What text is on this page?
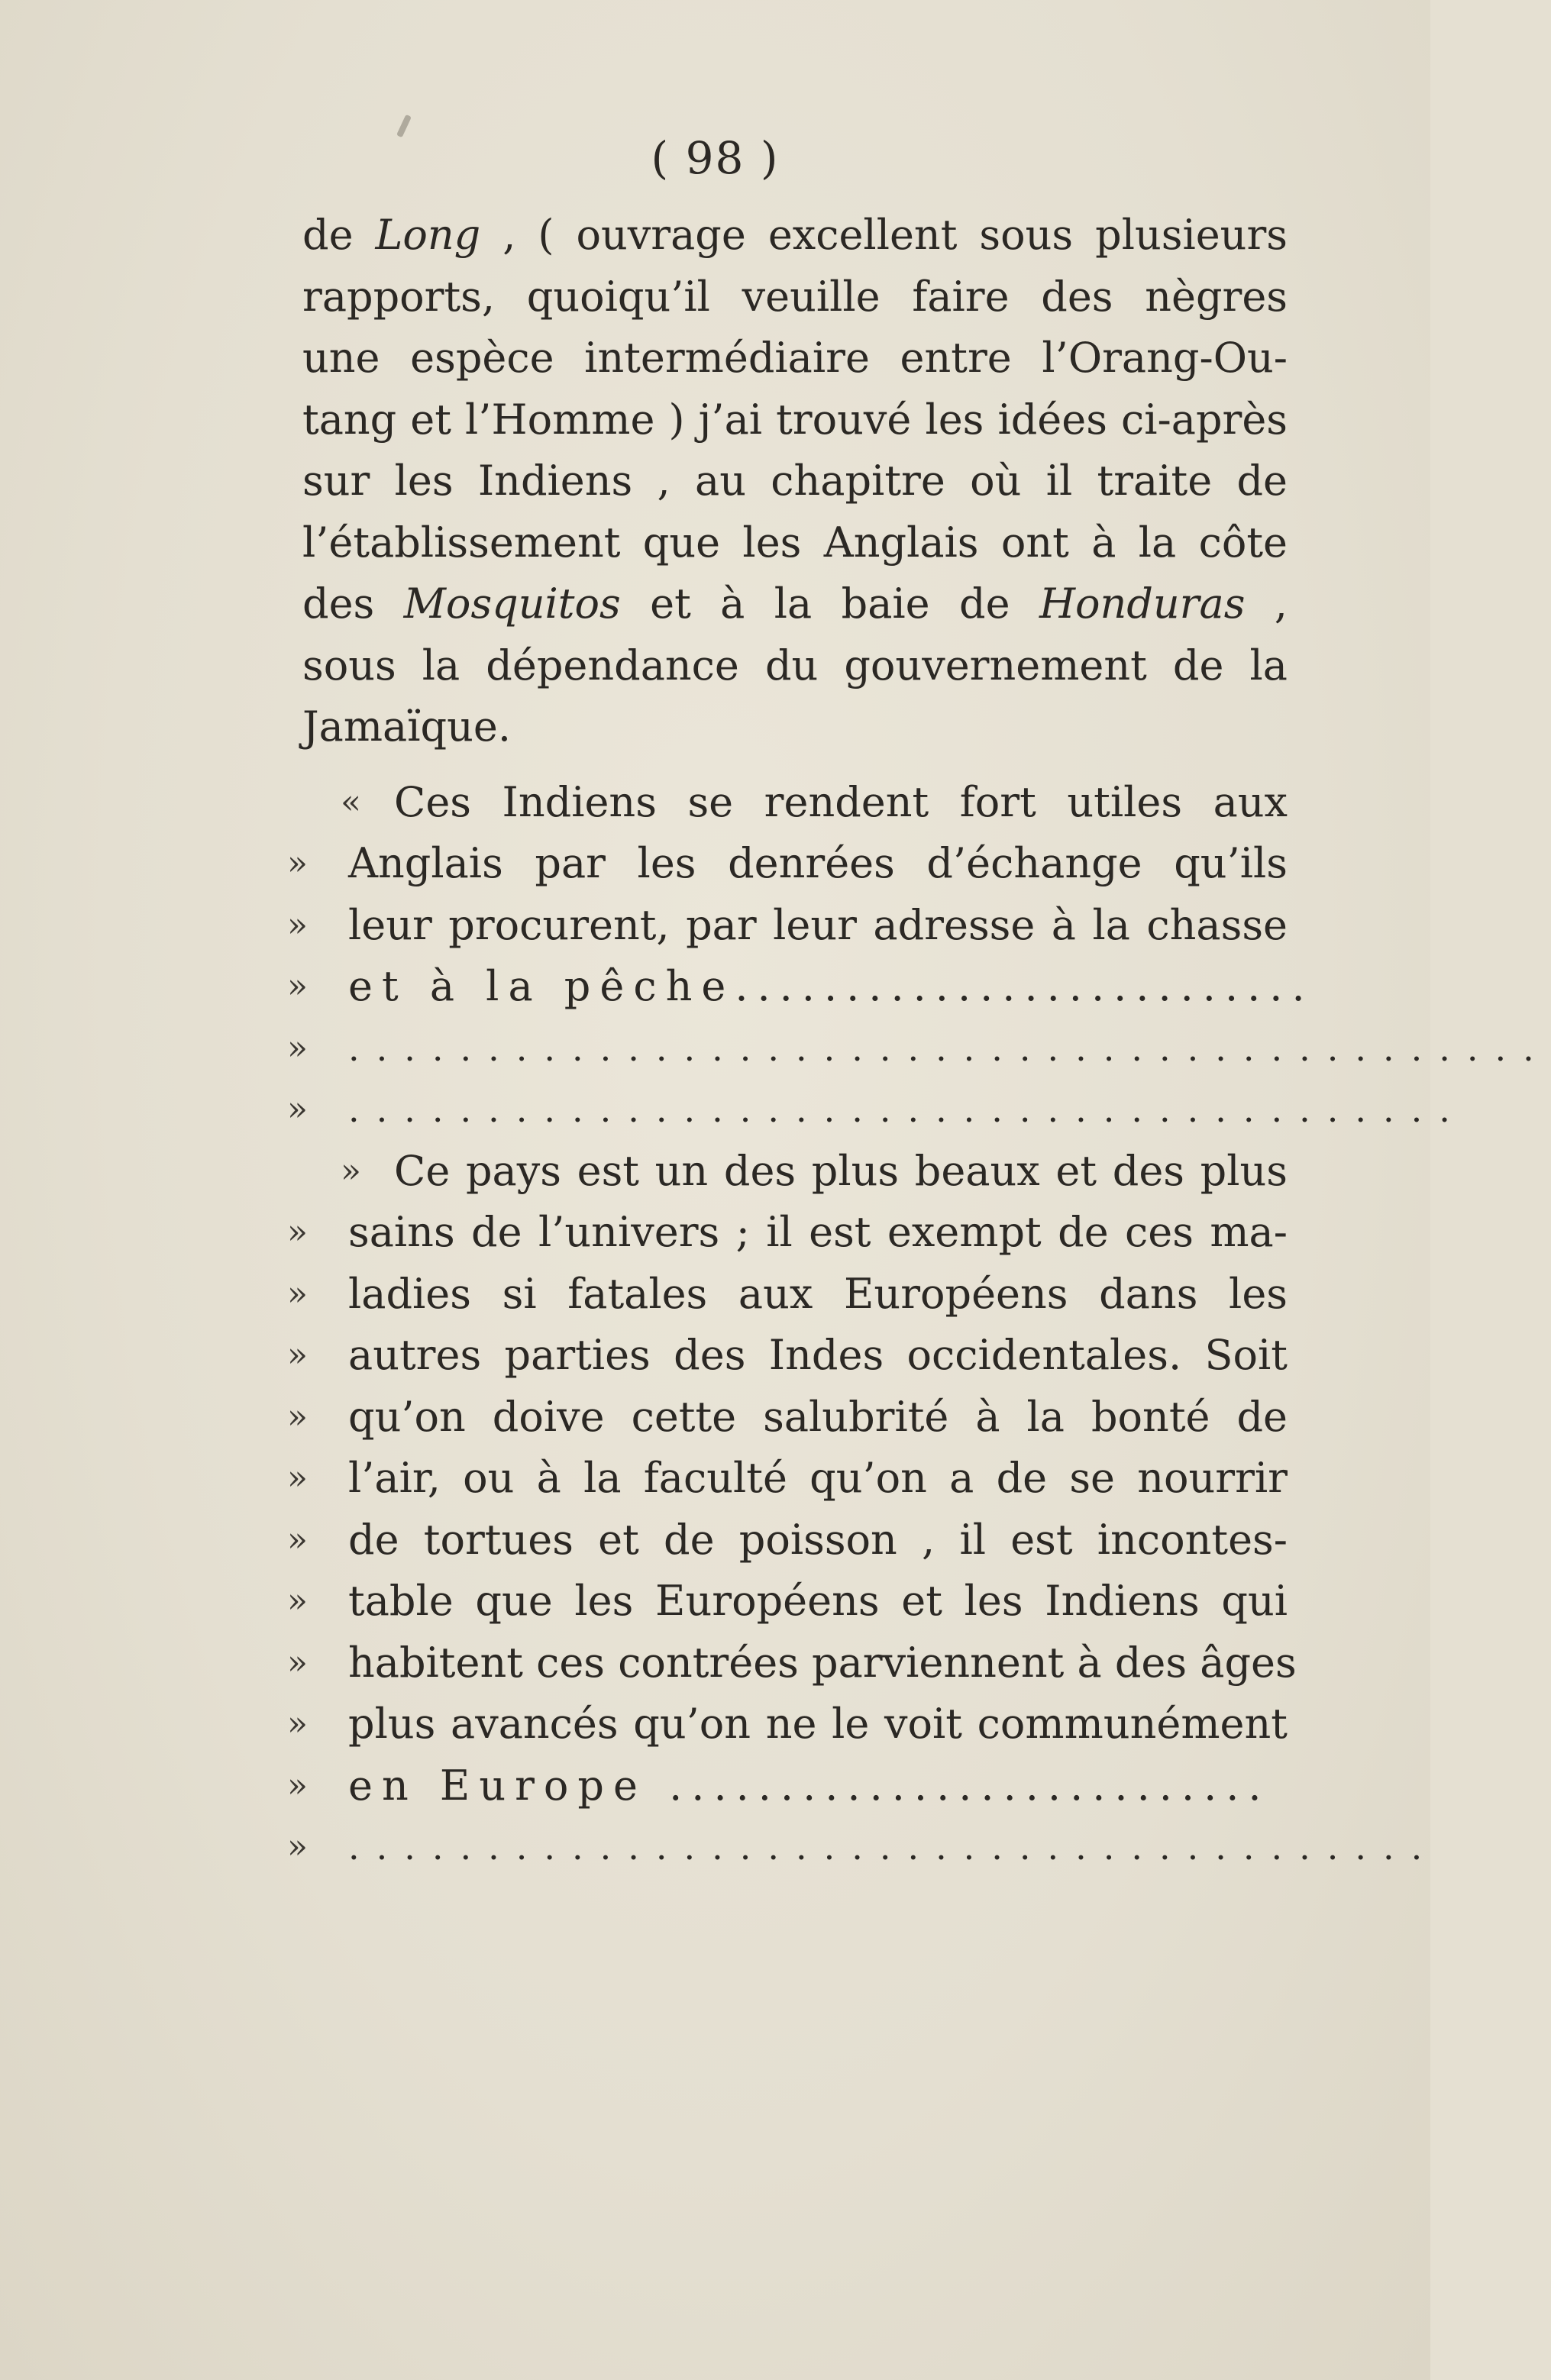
( 98 )
de Long , ( ouvrage excellent sous plusieurs
rapports, quoiqu’il veuille faire des nègres
une espèce intermédiaire entre l’Orang-Ou-
tang et l’Homme ) j’ai trouvé les idées ci-après
sur les Indiens , au chapitre où il traite de
l’établissement que les Anglais ont à la côte
des Mosquitos et à la baie de Honduras ,
sous la dépendance du gouvernement de la
Jamaïque.
« Ces Indiens se rendent fort utiles aux
» Anglais par les denrées d’échange qu’ils
» leur procurent, par leur adresse à la chasse
» et à la pêche..........................
»	...........................................
»	........................................
» Ce pays est un des plus beaux et des plus
» sains de l’univers ; il est exempt de ces ma-
» ladies si fatales aux Européens dans les
» autres parties des Indes occidentales. Soit
» qu’on doive cette salubrité à la bonté de
» l’air, ou à la faculté qu’on a de se nourrir
» de tortues et de poisson , il est incontes-
» table que les Européens et les Indiens qui
» habitent ces contrées parviennent à des âges
» plus avancés qu’on ne le voit communément
» en Europe ...........................
»	.......................................
